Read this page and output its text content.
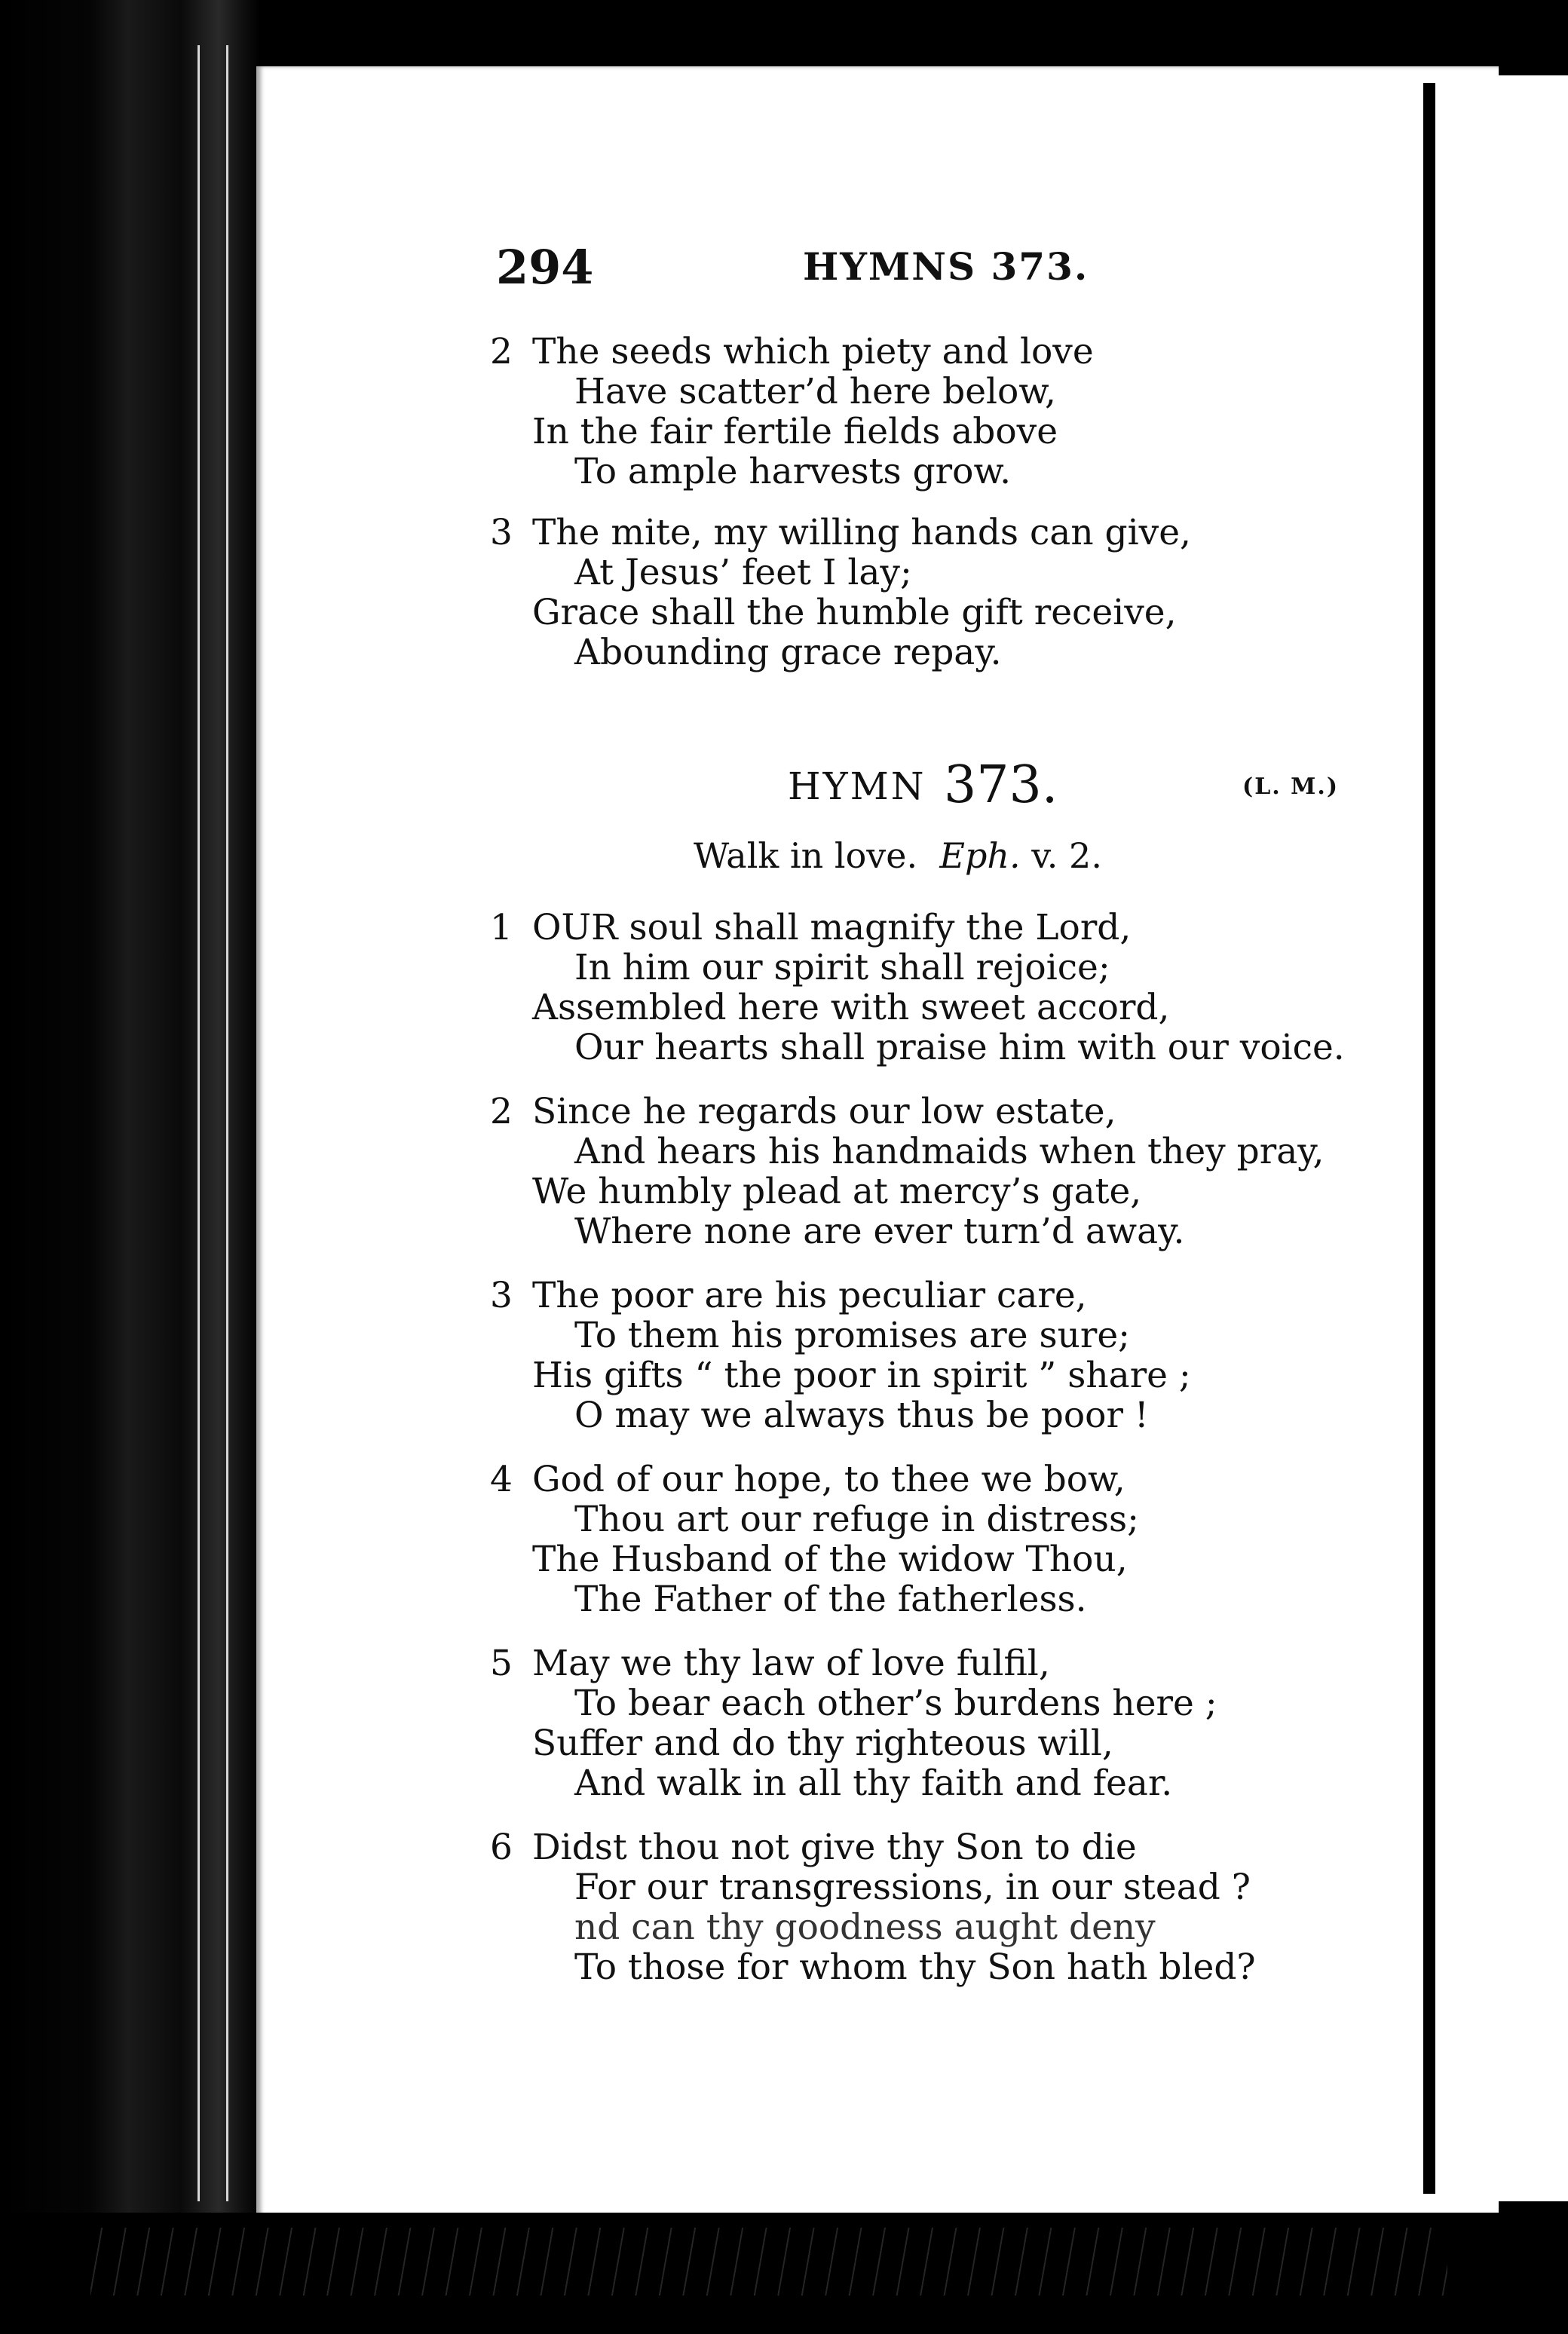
294	HYMNS 373.
2 The seeds which piety and love
Have scatter’d here below,
In the fair fertile fields above
To ample harvests grow.
3 The mite, my willing hands can give,
At Jesus’ feet I lay;
Grace shall the humble gift receive,
Abounding grace repay.
HYMN 373.	(L. M.)
Walk in love. Eph. v. 2.
1 OUR soul shall magnify the Lord,
In him our spirit shall rejoice;
Assembled here with sweet accord,
Our hearts shall praise him with our voice.
2 Since he regards our low estate,
And hears his handmaids when they pray,
We humbly plead at mercy’s gate,
Where none are ever turn’d away.
3 The poor are his peculiar care,
To them his promises are sure;
His gifts “ the poor in spirit ” share ;
O may we always thus be poor !
4 God of our hope, to thee we bow,
Thou art our refuge in distress;
The Husband of the widow Thou,
The Father of the fatherless.
5 May we thy law of love fulfil,
To bear each other’s burdens here ;
Suffer and do thy righteous will,
And walk in all thy faith and fear.
6 Didst thou not give thy Son to die
For our transgressions, in our stead ?
nd can thy goodness aught deny
To those for whom thy Son hath bled?
